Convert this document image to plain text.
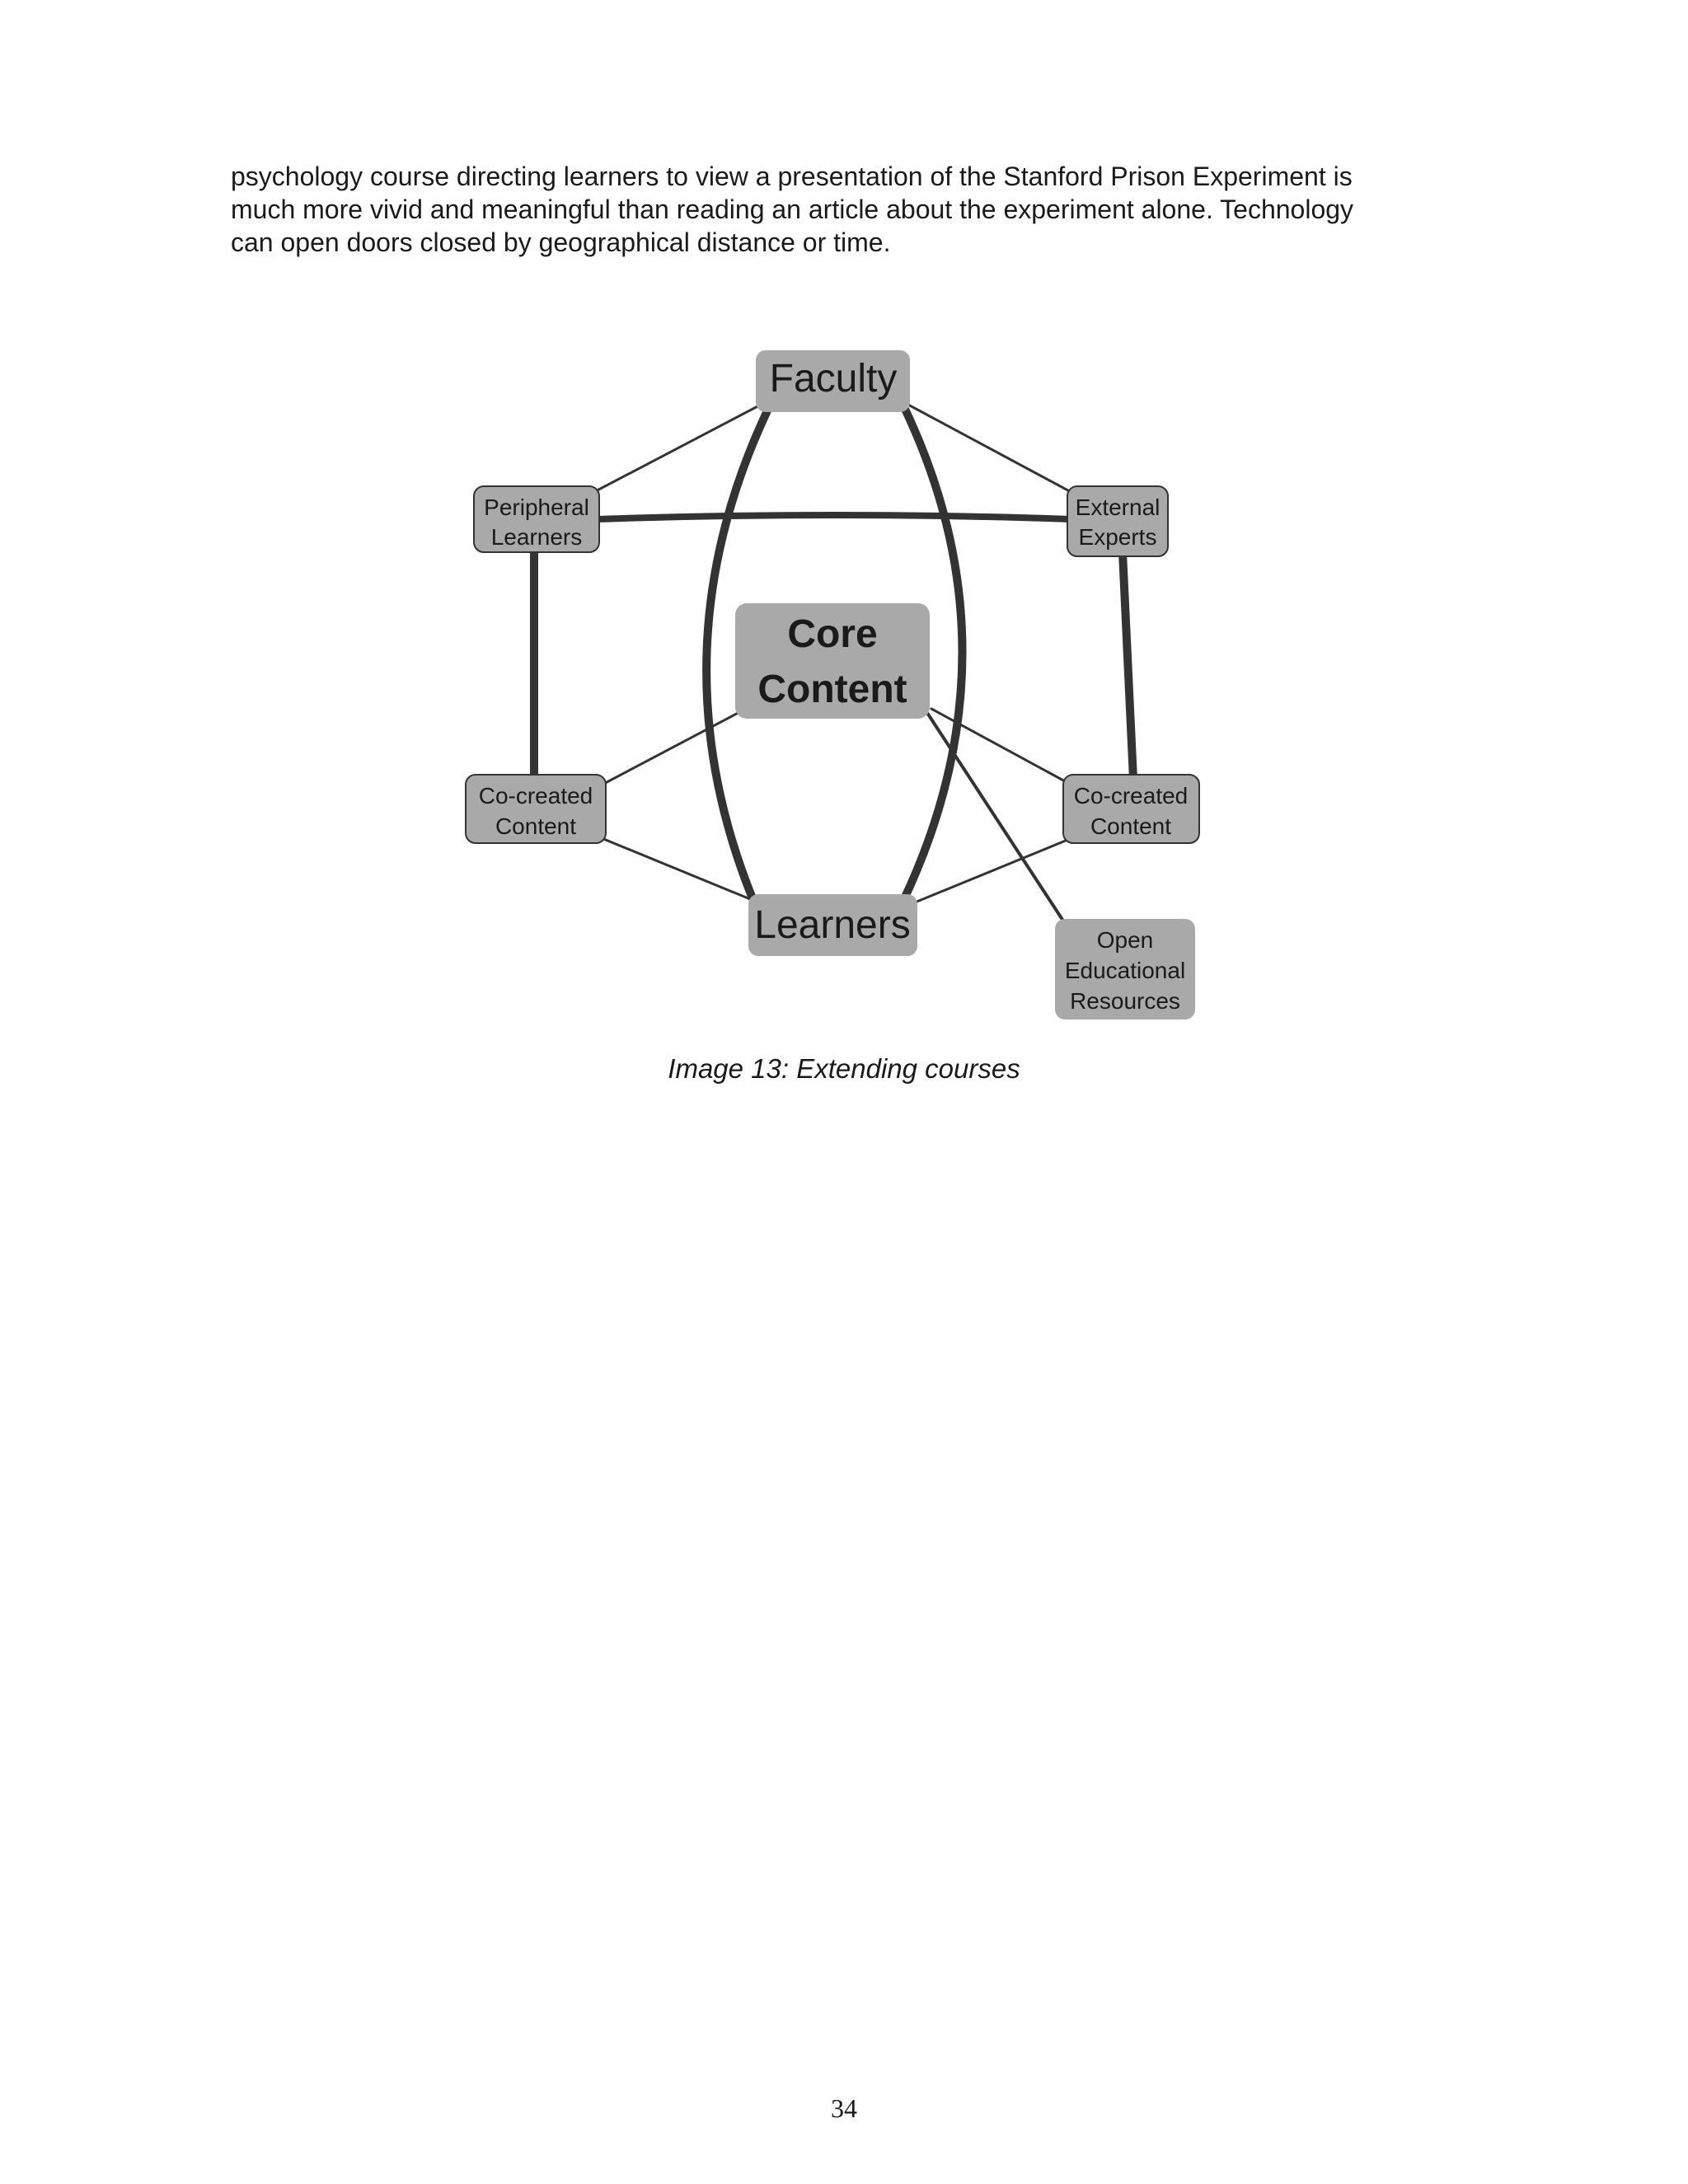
psychology course directing learners to view a presentation of the Stanford Prison Experiment is
much more vivid and meaningful than reading an article about the experiment alone. Technology
can open doors closed by geographical distance or time.

Faculty
Peripheral
Learners
External
Experts
Core
Content
Co-created
Content
Co-created
Content
Learners	Open
Educational
Resources

Image 13: Extending courses

34
